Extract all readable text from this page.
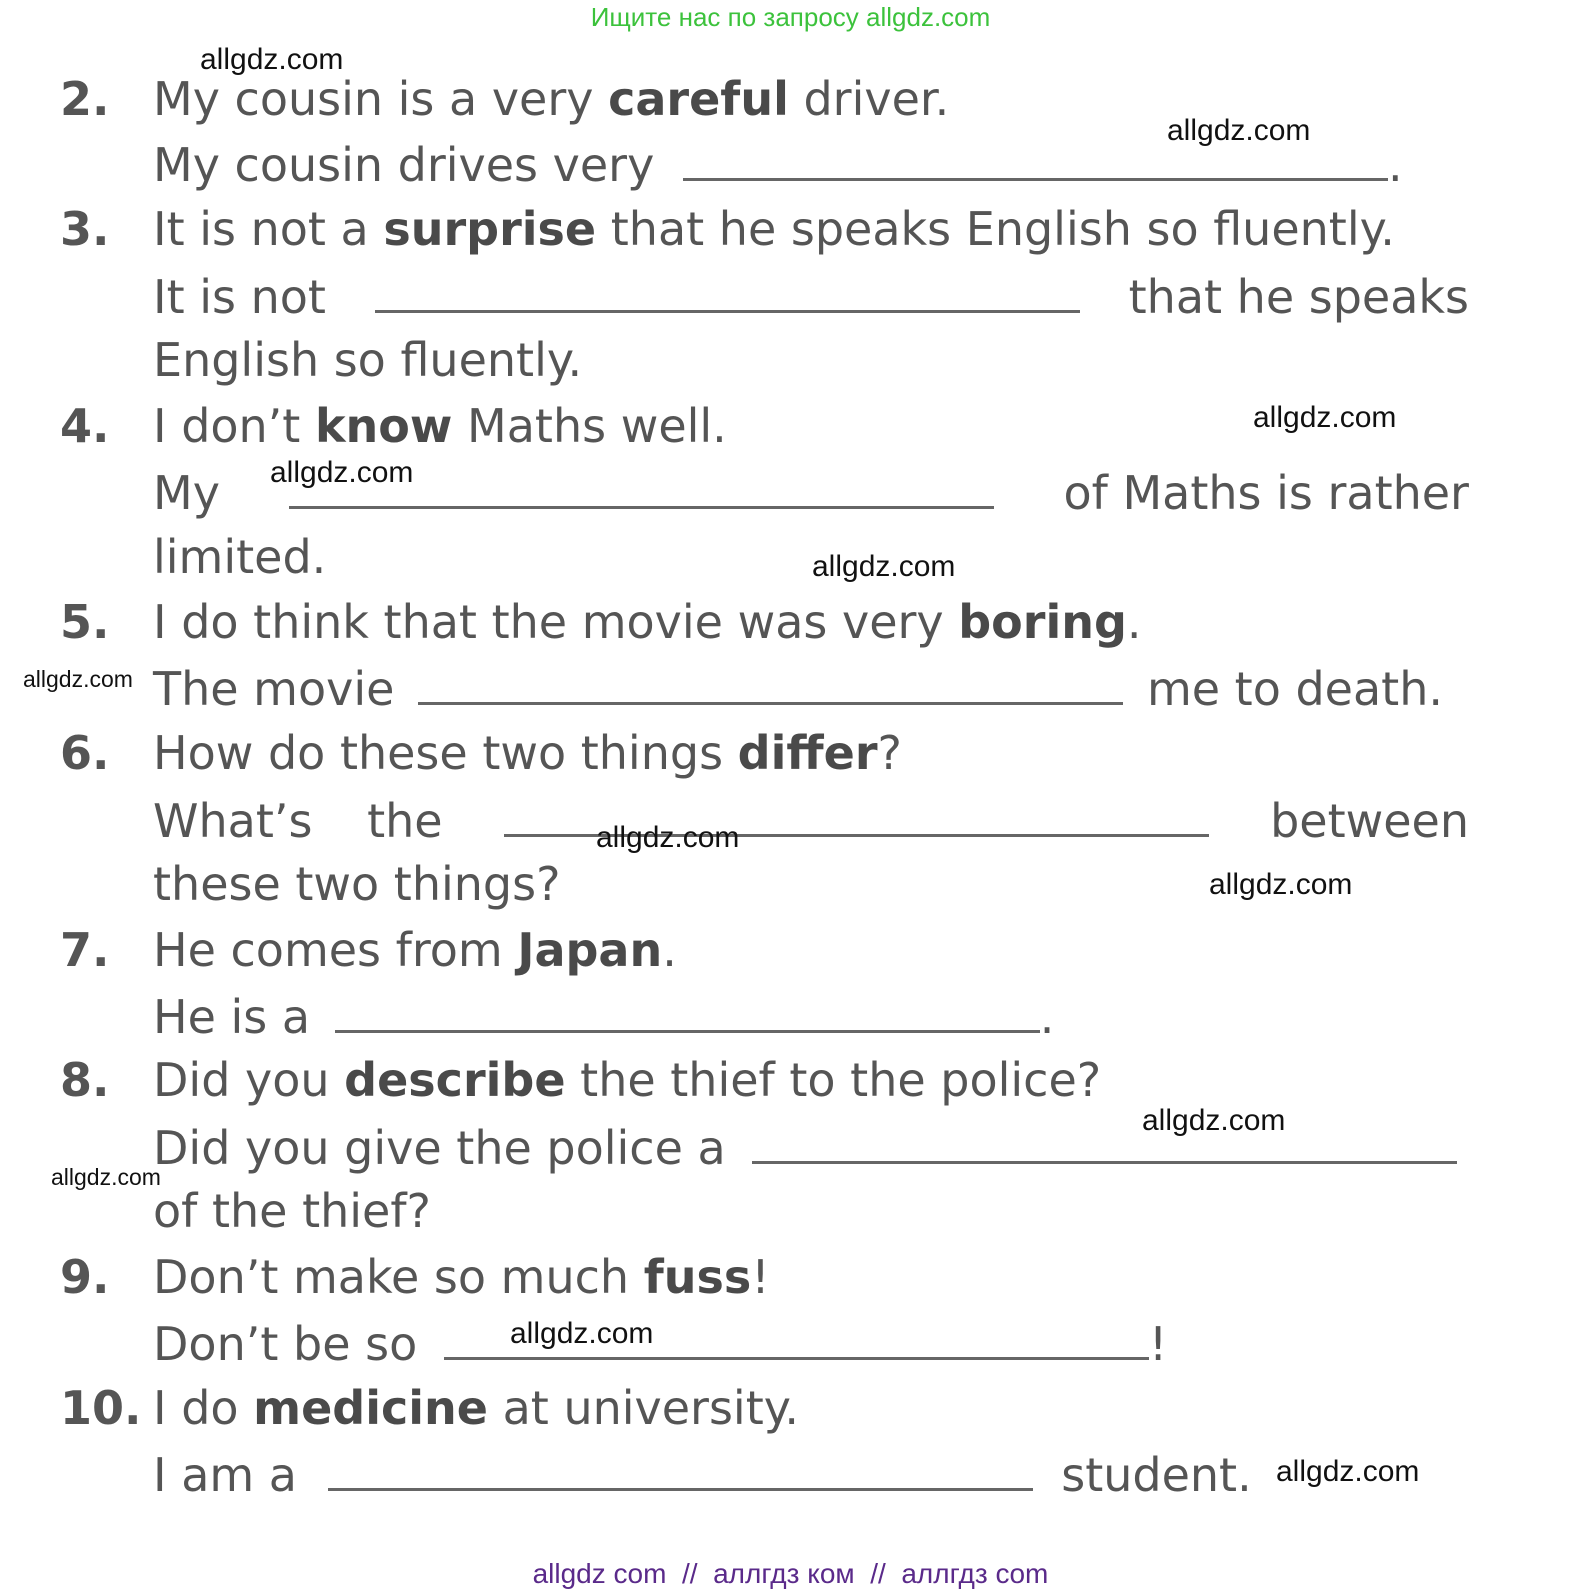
Ищите нас по запросу allgdz.com
2. My cousin is a very careful driver.
My cousin drives very	.
3. It is not a surprise that he speaks English so fluently.
It is not	that he speaks
English so fluently.
4. I don’t know Maths well.
My	of Maths is rather
limited.
5. I do think that the movie was very boring.
The movie	me to death.
6. How do these two things differ?
What’s the	between
these two things?
7. He comes from Japan.
He is a	.
8. Did you describe the thief to the police?
Did you give the police a
of the thief?
9. Don’t make so much fuss!
Don’t be so	!
10. I do medicine at university.
I am a	student.
allgdz.com
allgdz.com
allgdz.com
allgdz.com
allgdz.com
allgdz.com
allgdz.com
allgdz.com
allgdz.com
allgdz.com
allgdz.com
allgdz.com
allgdz com  //  аллгдз ком  //  аллгдз com
